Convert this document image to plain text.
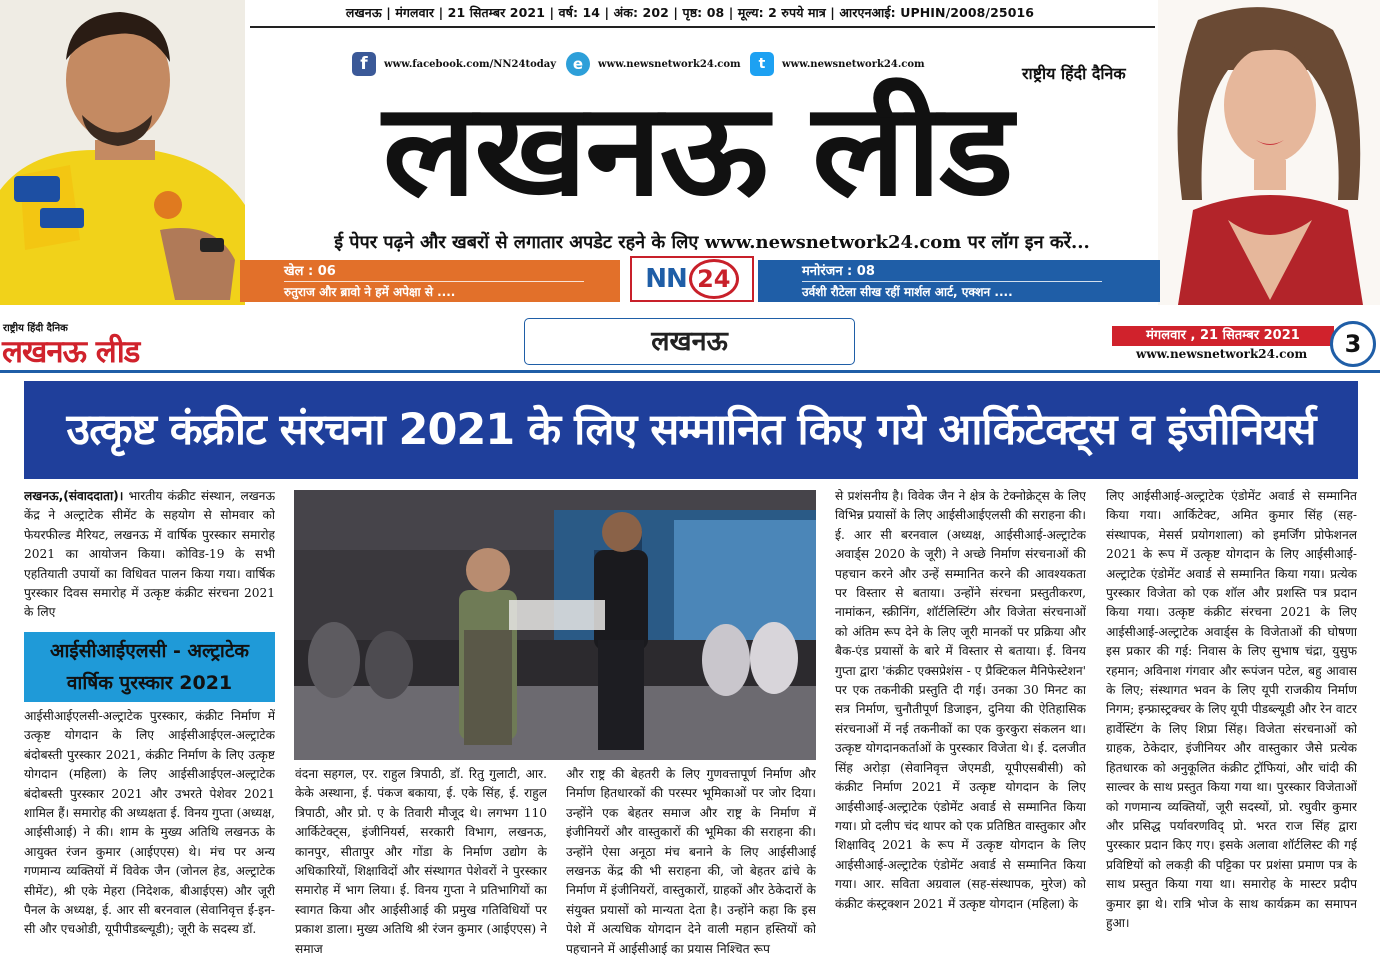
लखनऊ | मंगलवार | 21 सितम्बर 2021 | वर्ष: 14 | अंक: 202 | पृष्ठ: 08 | मूल्य: 2 रुपये मात्र | आरएनआई: UPHIN/2008/25016
f	www.facebook.com/NN24today	e	www.newsnetwork24.com	t	www.newsnetwork24.com	राष्ट्रीय हिंदी दैनिक
लखनऊ लीड
ई पेपर पढ़ने और खबरों से लगातार अपडेट रहने के लिए www.newsnetwork24.com पर लॉग इन करें...
खेल : 06
रुतुराज और ब्रावो ने हमें अपेक्षा से ....	NN 24	मनोरंजन : 08
उर्वशी रौटेला सीख रहीं मार्शल आर्ट, एक्शन ....
राष्ट्रीय हिंदी दैनिक
लखनऊ लीड	लखनऊ	मंगलवार , 21 सितम्बर 2021
www.newsnetwork24.com	3
उत्कृष्ट कंक्रीट संरचना 2021 के लिए सम्मानित किए गये आर्किटेक्ट्स व इंजीनियर्स
लखनऊ,(संवाददाता)। भारतीय कंक्रीट संस्थान, लखनऊ केंद्र ने अल्ट्राटेक सीमेंट के सहयोग से सोमवार को फेयरफील्ड मैरियट, लखनऊ में वार्षिक पुरस्कार समारोह 2021 का आयोजन किया। कोविड-19 के सभी एहतियाती उपायों का विधिवत पालन किया गया। वार्षिक पुरस्कार दिवस समारोह में उत्कृष्ट कंक्रीट संरचना 2021 के लिए
आईसीआईएलसी - अल्ट्राटेक
वार्षिक पुरस्कार 2021
आईसीआईएलसी-अल्ट्राटेक पुरस्कार, कंक्रीट निर्माण में उत्कृष्ट योगदान के लिए आईसीआईएल-अल्ट्राटेक बंदोबस्ती पुरस्कार 2021, कंक्रीट निर्माण के लिए उत्कृष्ट योगदान (महिला) के लिए आईसीआईएल-अल्ट्राटेक बंदोबस्ती पुरस्कार 2021 और उभरते पेशेवर 2021 शामिल हैं। समारोह की अध्यक्षता ई. विनय गुप्ता (अध्यक्ष, आईसीआई) ने की। शाम के मुख्य अतिथि लखनऊ के आयुक्त रंजन कुमार (आईएएस) थे। मंच पर अन्य गणमान्य व्यक्तियों में विवेक जैन (जोनल हेड, अल्ट्राटेक सीमेंट), श्री एके मेहरा (निदेशक, बीआईएस) और जूरी पैनल के अध्यक्ष, ई. आर सी बरनवाल (सेवानिवृत्त ई-इन-सी और एचओडी, यूपीपीडब्ल्यूडी); जूरी के सदस्य डॉ.
वंदना सहगल, एर. राहुल त्रिपाठी, डॉ. रितु गुलाटी, आर. केके अस्थाना, ई. पंकज बकाया, ई. एके सिंह, ई. राहुल त्रिपाठी, और प्रो. ए के तिवारी मौजूद थे। लगभग 110 आर्किटेक्ट्स, इंजीनियर्स, सरकारी विभाग, लखनऊ, कानपुर, सीतापुर और गोंडा के निर्माण उद्योग के अधिकारियों, शिक्षाविदों और संस्थागत पेशेवरों ने पुरस्कार समारोह में भाग लिया। ई. विनय गुप्ता ने प्रतिभागियों का स्वागत किया और आईसीआई की प्रमुख गतिविधियों पर प्रकाश डाला। मुख्य अतिथि श्री रंजन कुमार (आईएएस) ने समाज
और राष्ट्र की बेहतरी के लिए गुणवत्तापूर्ण निर्माण और निर्माण हितधारकों की परस्पर भूमिकाओं पर जोर दिया। उन्होंने एक बेहतर समाज और राष्ट्र के निर्माण में इंजीनियरों और वास्तुकारों की भूमिका की सराहना की। उन्होंने ऐसा अनूठा मंच बनाने के लिए आईसीआई लखनऊ केंद्र की भी सराहना की, जो बेहतर ढांचे के निर्माण में इंजीनियरों, वास्तुकारों, ग्राहकों और ठेकेदारों के संयुक्त प्रयासों को मान्यता देता है। उन्होंने कहा कि इस पेशे में अत्यधिक योगदान देने वाली महान हस्तियों को पहचानने में आईसीआई का प्रयास निश्चित रूप
से प्रशंसनीय है। विवेक जैन ने क्षेत्र के टेक्नोक्रेट्स के लिए विभिन्न प्रयासों के लिए आईसीआईएलसी की सराहना की। ई. आर सी बरनवाल (अध्यक्ष, आईसीआई-अल्ट्राटेक अवार्ड्स 2020 के जूरी) ने अच्छे निर्माण संरचनाओं की पहचान करने और उन्हें सम्मानित करने की आवश्यकता पर विस्तार से बताया। उन्होंने संरचना प्रस्तुतीकरण, नामांकन, स्क्रीनिंग, शॉर्टलिस्टिंग और विजेता संरचनाओं को अंतिम रूप देने के लिए जूरी मानकों पर प्रक्रिया और बैक-एंड प्रयासों के बारे में विस्तार से बताया। ई. विनय गुप्ता द्वारा 'कंक्रीट एक्सप्रेशंस - ए प्रैक्टिकल मैनिफेस्टेशन' पर एक तकनीकी प्रस्तुति दी गई। उनका 30 मिनट का सत्र निर्माण, चुनौतीपूर्ण डिजाइन, दुनिया की ऐतिहासिक संरचनाओं में नई तकनीकों का एक कुरकुरा संकलन था। उत्कृष्ट योगदानकर्ताओं के पुरस्कार विजेता थे। ई. दलजीत सिंह अरोड़ा (सेवानिवृत्त जेएमडी, यूपीएसबीसी) को कंक्रीट निर्माण 2021 में उत्कृष्ट योगदान के लिए आईसीआई-अल्ट्राटेक एंडोमेंट अवार्ड से सम्मानित किया गया। प्रो दलीप चंद थापर को एक प्रतिष्ठित वास्तुकार और शिक्षाविद् 2021 के रूप में उत्कृष्ट योगदान के लिए आईसीआई-अल्ट्राटेक एंडोमेंट अवार्ड से सम्मानित किया गया। आर. सविता अग्रवाल (सह-संस्थापक, मुरेज) को कंक्रीट कंस्ट्रक्शन 2021 में उत्कृष्ट योगदान (महिला) के
लिए आईसीआई-अल्ट्राटेक एंडोमेंट अवार्ड से सम्मानित किया गया। आर्किटेक्ट, अमित कुमार सिंह (सह-संस्थापक, मेसर्स प्रयोगशाला) को इमर्जिंग प्रोफेशनल 2021 के रूप में उत्कृष्ट योगदान के लिए आईसीआई-अल्ट्राटेक एंडोमेंट अवार्ड से सम्मानित किया गया। प्रत्येक पुरस्कार विजेता को एक शॉल और प्रशस्ति पत्र प्रदान किया गया। उत्कृष्ट कंक्रीट संरचना 2021 के लिए आईसीआई-अल्ट्राटेक अवार्ड्स के विजेताओं की घोषणा इस प्रकार की गई: निवास के लिए सुभाष चंद्रा, युसुफ रहमान; अविनाश गंगवार और रूपंजन पटेल, बहु आवास के लिए; संस्थागत भवन के लिए यूपी राजकीय निर्माण निगम; इन्फ्रास्ट्रक्चर के लिए यूपी पीडब्ल्यूडी और रेन वाटर हार्वेस्टिंग के लिए शिप्रा सिंह। विजेता संरचनाओं को ग्राहक, ठेकेदार, इंजीनियर और वास्तुकार जैसे प्रत्येक हितधारक को अनुकूलित कंक्रीट ट्रॉफियां, और चांदी की साल्वर के साथ प्रस्तुत किया गया था। पुरस्कार विजेताओं को गणमान्य व्यक्तियों, जूरी सदस्यों, प्रो. रघुवीर कुमार और प्रसिद्ध पर्यावरणविद् प्रो. भरत राज सिंह द्वारा पुरस्कार प्रदान किए गए। इसके अलावा शॉर्टलिस्ट की गई प्रविष्टियों को लकड़ी की पट्टिका पर प्रशंसा प्रमाण पत्र के साथ प्रस्तुत किया गया था। समारोह के मास्टर प्रदीप कुमार झा थे। रात्रि भोज के साथ कार्यक्रम का समापन हुआ।
